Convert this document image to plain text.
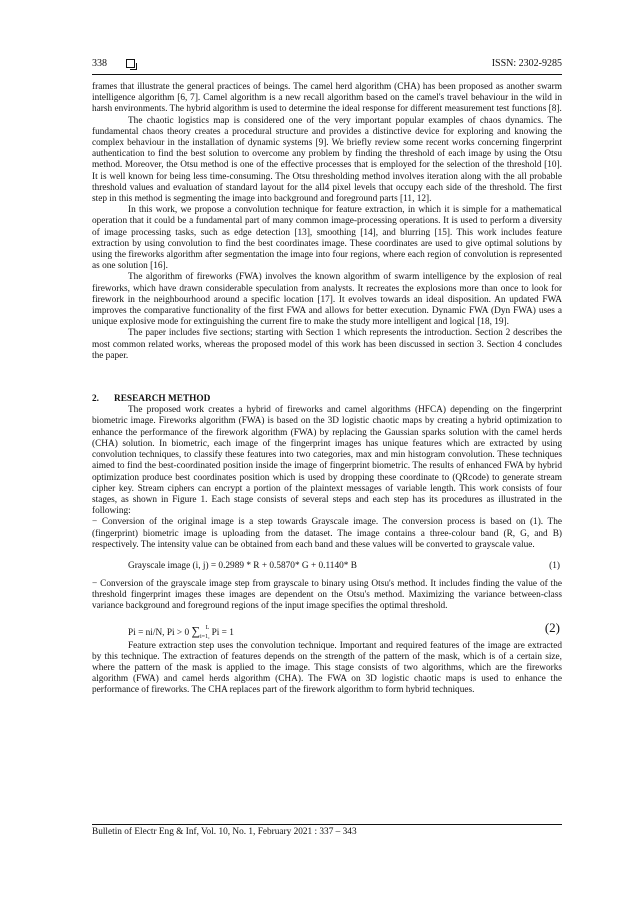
338	ISSN: 2302-9285

frames that illustrate the general practices of beings. The camel herd algorithm (CHA) has been proposed as another swarm intelligence algorithm [6, 7]. Camel algorithm is a new recall algorithm based on the camel's travel behaviour in the wild in harsh environments. The hybrid algorithm is used to determine the ideal response for different measurement test functions [8].

The chaotic logistics map is considered one of the very important popular examples of chaos dynamics. The fundamental chaos theory creates a procedural structure and provides a distinctive device for exploring and knowing the complex behaviour in the installation of dynamic systems [9]. We briefly review some recent works concerning fingerprint authentication to find the best solution to overcome any problem by finding the threshold of each image by using the Otsu method. Moreover, the Otsu method is one of the effective processes that is employed for the selection of the threshold [10]. It is well known for being less time-consuming. The Otsu thresholding method involves iteration along with the all probable threshold values and evaluation of standard layout for the all4 pixel levels that occupy each side of the threshold. The first step in this method is segmenting the image into background and foreground parts [11, 12].

In this work, we propose a convolution technique for feature extraction, in which it is simple for a mathematical operation that it could be a fundamental part of many common image-processing operations. It is used to perform a diversity of image processing tasks, such as edge detection [13], smoothing [14], and blurring [15]. This work includes feature extraction by using convolution to find the best coordinates image. These coordinates are used to give optimal solutions by using the fireworks algorithm after segmentation the image into four regions, where each region of convolution is represented as one solution [16].

The algorithm of fireworks (FWA) involves the known algorithm of swarm intelligence by the explosion of real fireworks, which have drawn considerable speculation from analysts. It recreates the explosions more than once to look for firework in the neighbourhood around a specific location [17]. It evolves towards an ideal disposition. An updated FWA improves the comparative functionality of the first FWA and allows for better execution. Dynamic FWA (Dyn FWA) uses a unique explosive mode for extinguishing the current fire to make the study more intelligent and logical [18, 19].

The paper includes five sections; starting with Section 1 which represents the introduction. Section 2 describes the most common related works, whereas the proposed model of this work has been discussed in section 3. Section 4 concludes the paper.

2. RESEARCH METHOD

The proposed work creates a hybrid of fireworks and camel algorithms (HFCA) depending on the fingerprint biometric image. Fireworks algorithm (FWA) is based on the 3D logistic chaotic maps by creating a hybrid optimization to enhance the performance of the firework algorithm (FWA) by replacing the Gaussian sparks solution with the camel herds (CHA) solution. In biometric, each image of the fingerprint images has unique features which are extracted by using convolution techniques, to classify these features into two categories, max and min histogram convolution. These techniques aimed to find the best-coordinated position inside the image of fingerprint biometric. The results of enhanced FWA by hybrid optimization produce best coordinates position which is used by dropping these coordinate to (QRcode) to generate stream cipher key. Stream ciphers can encrypt a portion of the plaintext messages of variable length. This work consists of four stages, as shown in Figure 1. Each stage consists of several steps and each step has its procedures as illustrated in the following:

− Conversion of the original image is a step towards Grayscale image. The conversion process is based on (1). The (fingerprint) biometric image is uploading from the dataset. The image contains a three-colour band (R, G, and B) respectively. The intensity value can be obtained from each band and these values will be converted to grayscale value.

Grayscale image (i, j) = 0.2989 * R + 0.5870* G + 0.1140* B	(1)

− Conversion of the grayscale image step from grayscale to binary using Otsu's method. It includes finding the value of the threshold fingerprint images these images are dependent on the Otsu's method. Maximizing the variance between-class variance background and foreground regions of the input image specifies the optimal threshold.

Pi = ni/N, Pi > 0 $\sum_{i=1,}^L$ Pi = 1	(2)

Feature extraction step uses the convolution technique. Important and required features of the image are extracted by this technique. The extraction of features depends on the strength of the pattern of the mask, which is of a certain size, where the pattern of the mask is applied to the image. This stage consists of two algorithms, which are the fireworks algorithm (FWA) and camel herds algorithm (CHA). The FWA on 3D logistic chaotic maps is used to enhance the performance of fireworks. The CHA replaces part of the firework algorithm to form hybrid techniques.

Bulletin of Electr Eng & Inf, Vol. 10, No. 1, February 2021 : 337 – 343
